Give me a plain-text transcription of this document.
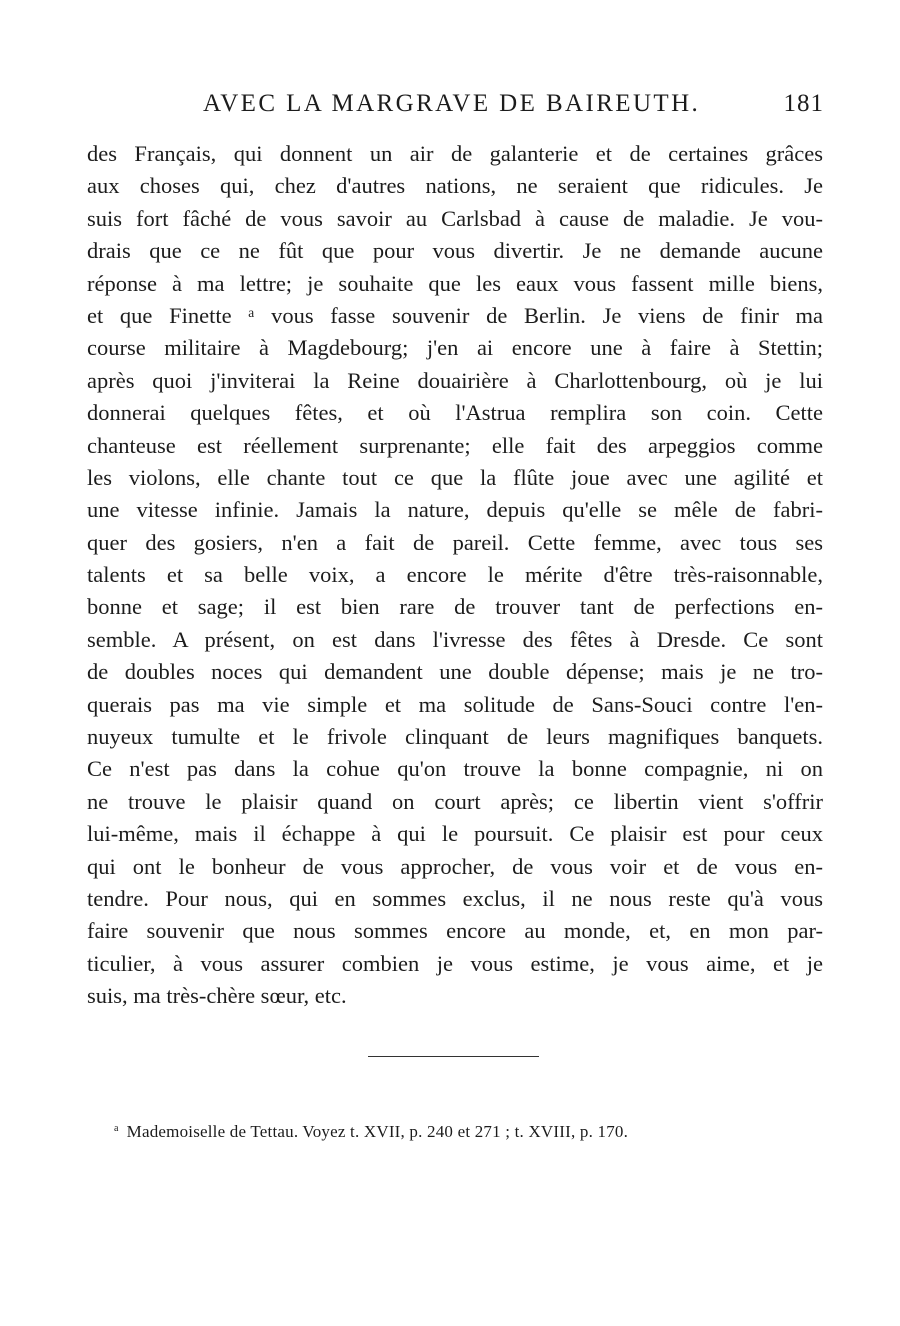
AVEC LA MARGRAVE DE BAIREUTH.	181
des Français, qui donnent un air de galanterie et de certaines grâces
aux choses qui, chez d'autres nations, ne seraient que ridicules. Je
suis fort fâché de vous savoir au Carlsbad à cause de maladie. Je vou-
drais que ce ne fût que pour vous divertir. Je ne demande aucune
réponse à ma lettre; je souhaite que les eaux vous fassent mille biens,
et que Finette ᵃ vous fasse souvenir de Berlin. Je viens de finir ma
course militaire à Magdebourg; j'en ai encore une à faire à Stettin;
après quoi j'inviterai la Reine douairière à Charlottenbourg, où je lui
donnerai quelques fêtes, et où l'Astrua remplira son coin. Cette
chanteuse est réellement surprenante; elle fait des arpeggios comme
les violons, elle chante tout ce que la flûte joue avec une agilité et
une vitesse infinie. Jamais la nature, depuis qu'elle se mêle de fabri-
quer des gosiers, n'en a fait de pareil. Cette femme, avec tous ses
talents et sa belle voix, a encore le mérite d'être très-raisonnable,
bonne et sage; il est bien rare de trouver tant de perfections en-
semble. A présent, on est dans l'ivresse des fêtes à Dresde. Ce sont
de doubles noces qui demandent une double dépense; mais je ne tro-
querais pas ma vie simple et ma solitude de Sans-Souci contre l'en-
nuyeux tumulte et le frivole clinquant de leurs magnifiques banquets.
Ce n'est pas dans la cohue qu'on trouve la bonne compagnie, ni on
ne trouve le plaisir quand on court après; ce libertin vient s'offrir
lui-même, mais il échappe à qui le poursuit. Ce plaisir est pour ceux
qui ont le bonheur de vous approcher, de vous voir et de vous en-
tendre. Pour nous, qui en sommes exclus, il ne nous reste qu'à vous
faire souvenir que nous sommes encore au monde, et, en mon par-
ticulier, à vous assurer combien je vous estime, je vous aime, et je
suis, ma très-chère sœur, etc.
$^a$ Mademoiselle de Tettau. Voyez t. XVII, p. 240 et 271 ; t. XVIII, p. 170.
